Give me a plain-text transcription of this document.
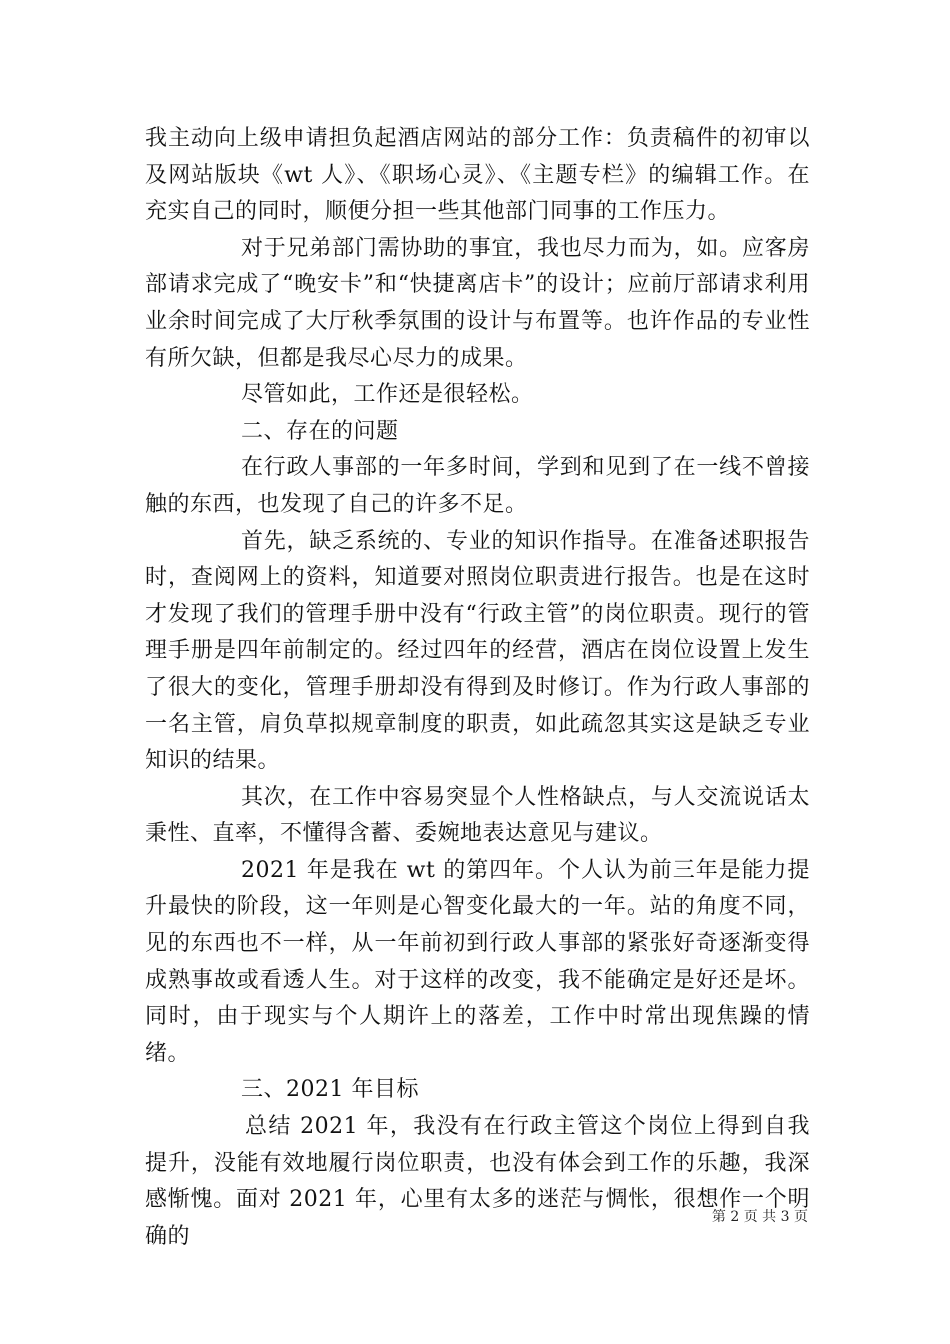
我主动向上级申请担负起酒店网站的部分工作：负责稿件的初审以及网站版块《wt 人》、《职场心灵》、《主题专栏》的编辑工作。在充实自己的同时，顺便分担一些其他部门同事的工作压力。

对于兄弟部门需协助的事宜，我也尽力而为，如。应客房部请求完成了“晚安卡”和“快捷离店卡”的设计；应前厅部请求利用业余时间完成了大厅秋季氛围的设计与布置等。也许作品的专业性有所欠缺，但都是我尽心尽力的成果。

尽管如此，工作还是很轻松。

二、存在的问题

在行政人事部的一年多时间，学到和见到了在一线不曾接触的东西，也发现了自己的许多不足。

首先，缺乏系统的、专业的知识作指导。在准备述职报告时，查阅网上的资料，知道要对照岗位职责进行报告。也是在这时才发现了我们的管理手册中没有“行政主管”的岗位职责。现行的管理手册是四年前制定的。经过四年的经营，酒店在岗位设置上发生了很大的变化，管理手册却没有得到及时修订。作为行政人事部的一名主管，肩负草拟规章制度的职责，如此疏忽其实这是缺乏专业知识的结果。

其次，在工作中容易突显个人性格缺点，与人交流说话太秉性、直率，不懂得含蓄、委婉地表达意见与建议。

2021 年是我在 wt 的第四年。个人认为前三年是能力提升最快的阶段，这一年则是心智变化最大的一年。站的角度不同，见的东西也不一样，从一年前初到行政人事部的紧张好奇逐渐变得成熟事故或看透人生。对于这样的改变，我不能确定是好还是坏。同时，由于现实与个人期许上的落差，工作中时常出现焦躁的情绪。

三、2021 年目标

总结 2021 年，我没有在行政主管这个岗位上得到自我提升，没能有效地履行岗位职责，也没有体会到工作的乐趣，我深感惭愧。面对 2021 年，心里有太多的迷茫与惆怅，很想作一个明确的

第 2 页 共 3 页
